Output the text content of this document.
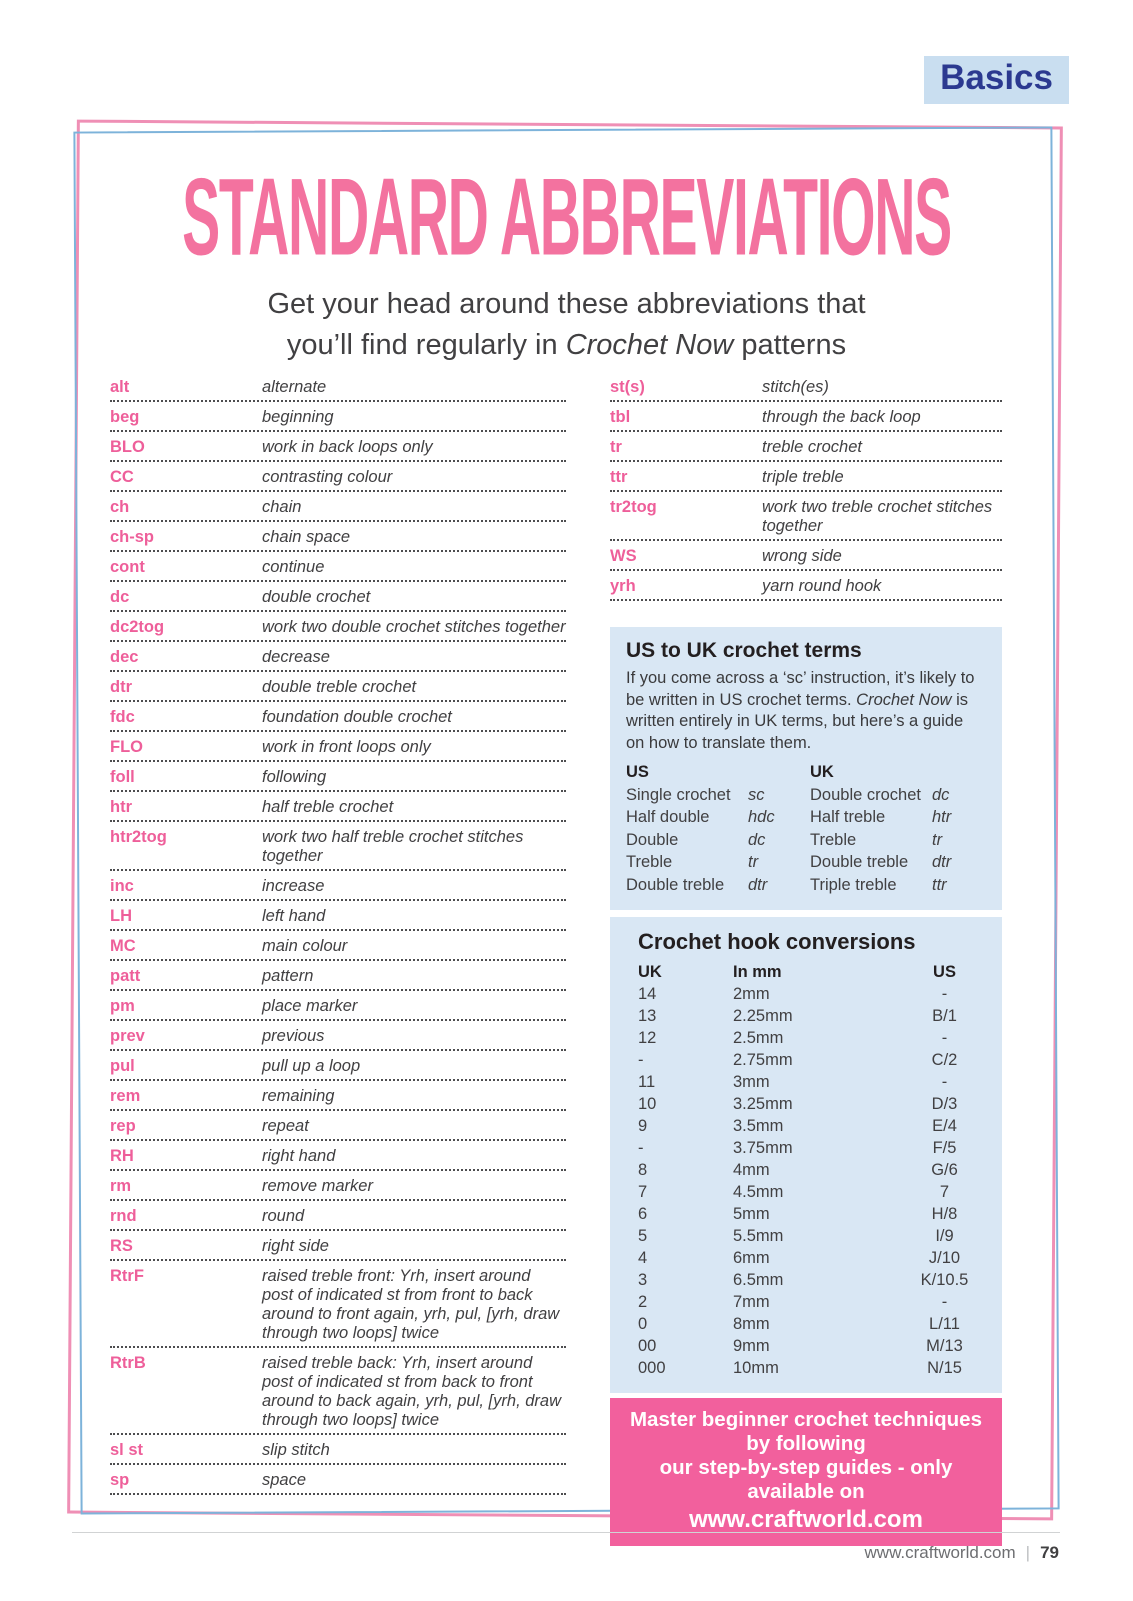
Basics
STANDARD ABBREVIATIONS

Get your head around these abbreviations that
you’ll find regularly in Crochet Now patterns

alt	alternate
beg	beginning
BLO	work in back loops only
CC	contrasting colour
ch	chain
ch-sp	chain space
cont	continue
dc	double crochet
dc2tog	work two double crochet stitches together
dec	decrease
dtr	double treble crochet
fdc	foundation double crochet
FLO	work in front loops only
foll	following
htr	half treble crochet
htr2tog	work two half treble crochet stitches together
inc	increase
LH	left hand
MC	main colour
patt	pattern
pm	place marker
prev	previous
pul	pull up a loop
rem	remaining
rep	repeat
RH	right hand
rm	remove marker
rnd	round
RS	right side
RtrF	raised treble front: Yrh, insert around post of indicated st from front to back around to front again, yrh, pul, [yrh, draw through two loops] twice
RtrB	raised treble back: Yrh, insert around post of indicated st from back to front around to back again, yrh, pul, [yrh, draw through two loops] twice
sl st	slip stitch
sp	space
st(s)	stitch(es)
tbl	through the back loop
tr	treble crochet
ttr	triple treble
tr2tog	work two treble crochet stitches together
WS	wrong side
yrh	yarn round hook
US to UK crochet terms

If you come across a ‘sc’ instruction, it’s likely to be written in US crochet terms. Crochet Now is written entirely in UK terms, but here’s a guide on how to translate them.

US	UK
Single crochet	sc	Double crochet dc
Half double	hdc	Half treble	htr
Double	dc	Treble	tr
Treble	tr	Double treble	dtr
Double treble	dtr	Triple treble	ttr
Crochet hook conversions
UK	In mm	US
14	2mm	-
13	2.25mm	B/1
12	2.5mm	-
-	2.75mm	C/2
11	3mm	-
10	3.25mm	D/3
9	3.5mm	E/4
-	3.75mm	F/5
8	4mm	G/6
7	4.5mm	7
6	5mm	H/8
5	5.5mm	I/9
4	6mm	J/10
3	6.5mm	K/10.5
2	7mm	-
0	8mm	L/11
00	9mm	M/13
000	10mm	N/15
Master beginner crochet techniques by following
our step-by-step guides - only available on
www.craftworld.com
www.craftworld.com | 79
